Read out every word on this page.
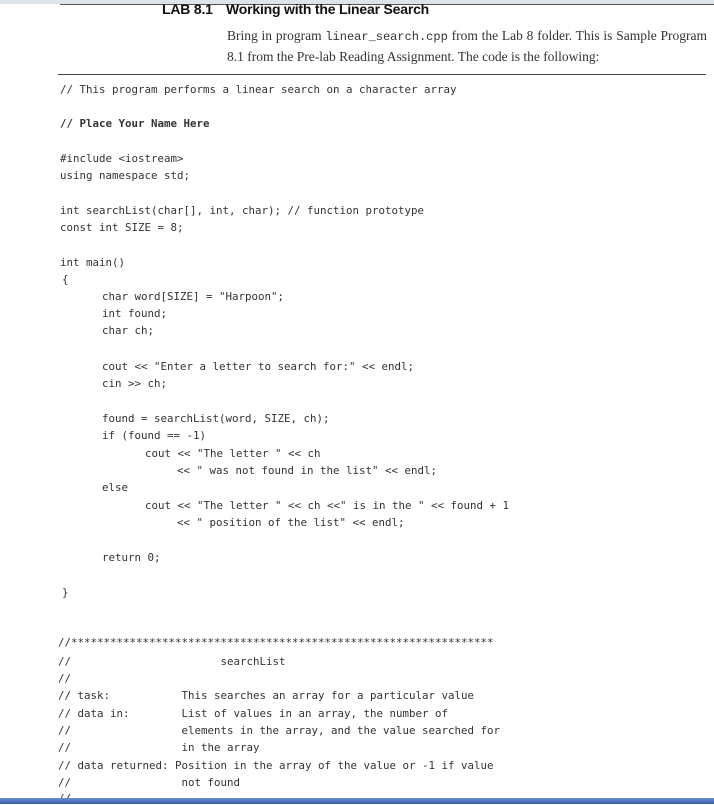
LAB 8.1 Working with the Linear Search
Bring in program linear_search.cpp from the Lab 8 folder. This is Sample Program 8.1 from the Pre-lab Reading Assignment. The code is the following:
// This program performs a linear search on a character array
// Place Your Name Here
#include <iostream>
using namespace std;
int searchList(char[], int, char); // function prototype
const int SIZE = 8;
int main()
{
char word[SIZE] = "Harpoon";
int found;
char ch;
cout << "Enter a letter to search for:" << endl;
cin >> ch;
found = searchList(word, SIZE, ch);
if (found == -1)
cout << "The letter " << ch
<< " was not found in the list" << endl;
else
cout << "The letter " << ch <<" is in the " << found + 1
<< " position of the list" << endl;
return 0;
}
//*****************************************************************
//                       searchList
//
// task:           This searches an array for a particular value
// data in:        List of values in an array, the number of
//                 elements in the array, and the value searched for
//                 in the array
// data returned: Position in the array of the value or -1 if value
//                 not found
